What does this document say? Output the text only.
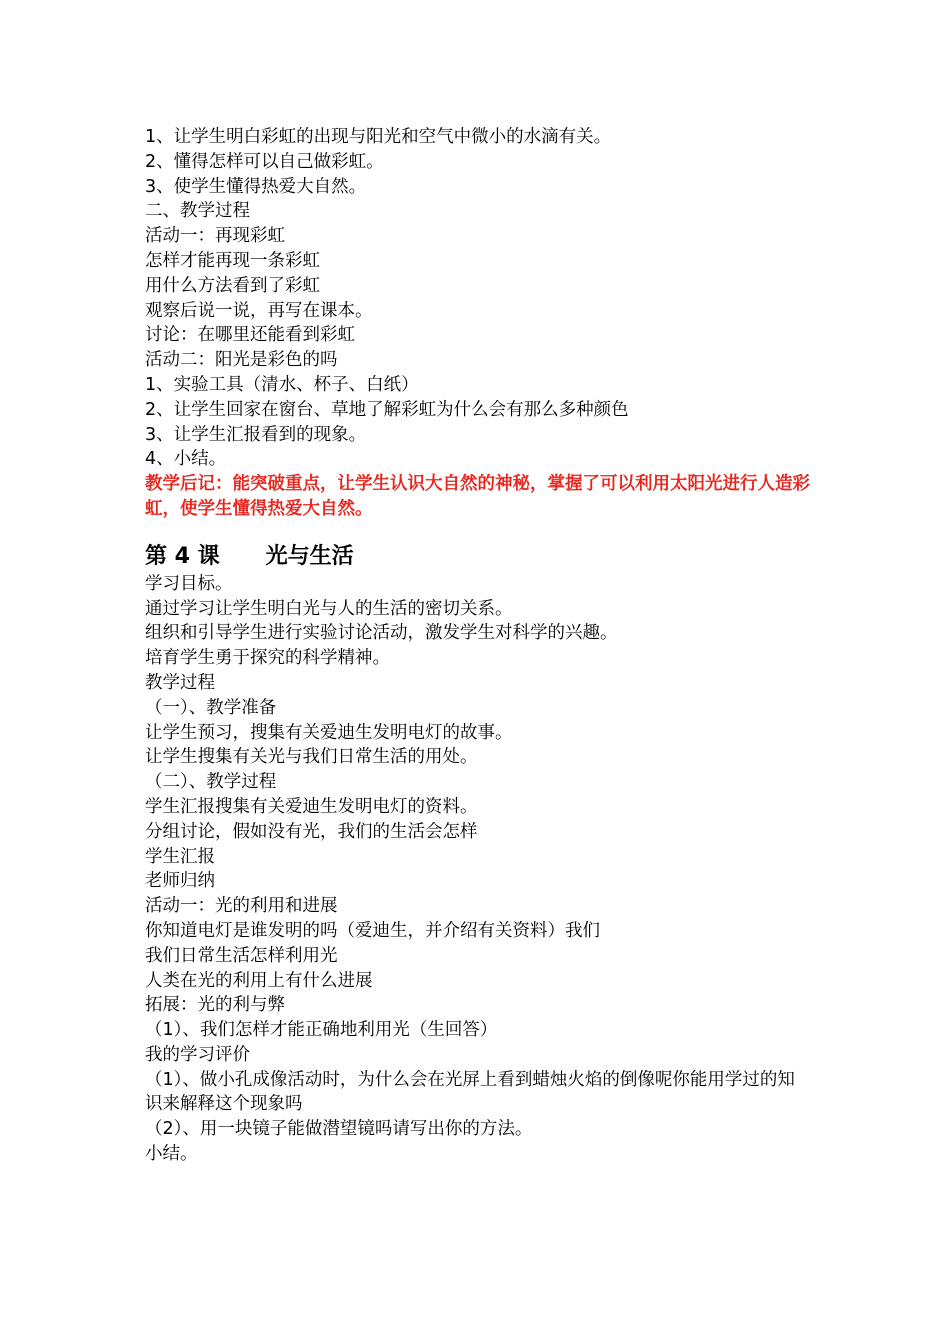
1、让学生明白彩虹的出现与阳光和空气中微小的水滴有关。
2、懂得怎样可以自己做彩虹。
3、使学生懂得热爱大自然。
二、教学过程
活动一：再现彩虹
怎样才能再现一条彩虹
用什么方法看到了彩虹
观察后说一说，再写在课本。
讨论：在哪里还能看到彩虹
活动二：阳光是彩色的吗
1、实验工具（清水、杯子、白纸）
2、让学生回家在窗台、草地了解彩虹为什么会有那么多种颜色
3、让学生汇报看到的现象。
4、小结。
教学后记：能突破重点，让学生认识大自然的神秘，掌握了可以利用太阳光进行人造彩虹，使学生懂得热爱大自然。
第 4 课 光与生活
学习目标。
通过学习让学生明白光与人的生活的密切关系。
组织和引导学生进行实验讨论活动，激发学生对科学的兴趣。
培育学生勇于探究的科学精神。
教学过程
（一）、教学准备
让学生预习，搜集有关爱迪生发明电灯的故事。
让学生搜集有关光与我们日常生活的用处。
（二）、教学过程
学生汇报搜集有关爱迪生发明电灯的资料。
分组讨论，假如没有光，我们的生活会怎样
学生汇报
老师归纳
活动一：光的利用和进展
你知道电灯是谁发明的吗（爱迪生，并介绍有关资料）我们
我们日常生活怎样利用光
人类在光的利用上有什么进展
拓展：光的利与弊
（1）、我们怎样才能正确地利用光（生回答）
我的学习评价
（1）、做小孔成像活动时，为什么会在光屏上看到蜡烛火焰的倒像呢你能用学过的知识来解释这个现象吗
（2）、用一块镜子能做潜望镜吗请写出你的方法。
小结。
